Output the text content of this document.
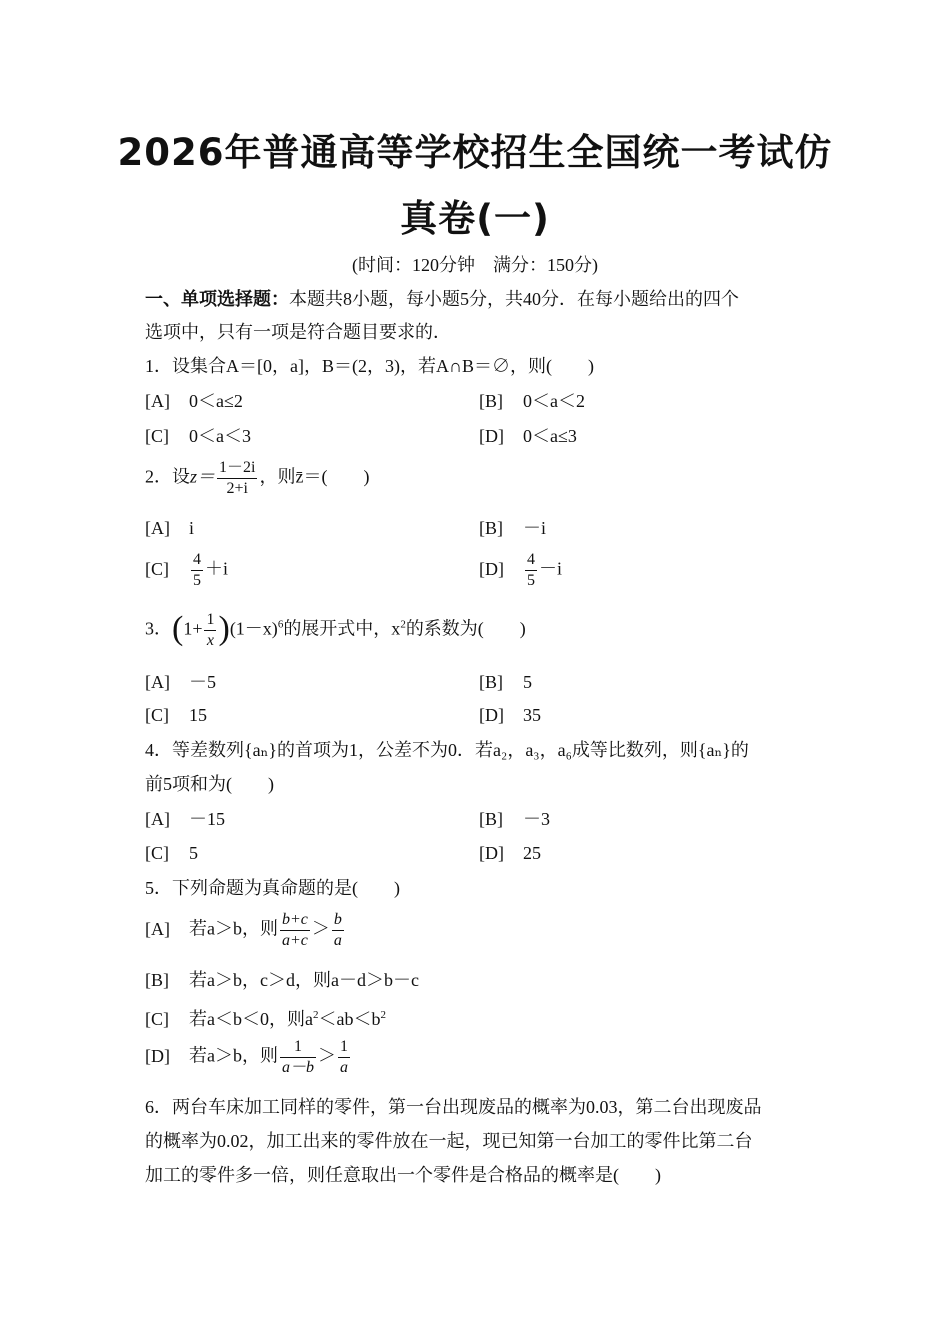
2026年普通高等学校招生全国统一考试仿
真卷(一)
(时间：120分钟　满分：150分)
一、单项选择题：本题共8小题，每小题5分，共40分．在每小题给出的四个
选项中，只有一项是符合题目要求的．
1．设集合A＝[0，a]，B＝(2，3)，若A∩B＝∅，则(　　)
[A] 0＜a≤2	[B] 0＜a＜2
[C] 0＜a＜3	[D] 0＜a≤3
2．设$z= \frac{1-2i}{2+i}$ ，则z̄＝(　　)
[A] i	[B] －i
$[C] \frac{4}{5} +i$	$[D] \frac{4}{5} -i$
3．$(1+ \frac{1}{x} )(1-x)^6$的展开式中，$x^2$的系数为(　　)
[A] －5	[B] 5
[C] 15	[D] 35
4．等差数列{aₙ}的首项为1，公差不为0．若a₂，a₃，a₆成等比数列，则{aₙ}的
前5项和为(　　)
[A] －15	[B] －3
[C] 5	[D] 25
5．下列命题为真命题的是(　　)
[A] 若a＞b，则 $\frac{b+c}{a+c} > \frac{b}{a}$
[B] 若a＞b，c＞d，则a－d＞b－c
[C] 若a＜b＜0，则$a^2<ab<b^2$
[D] 若a＞b，则 $\frac{1}{a-b} > \frac{1}{a}$
6．两台车床加工同样的零件，第一台出现废品的概率为0.03，第二台出现废品
的概率为0.02，加工出来的零件放在一起，现已知第一台加工的零件比第二台
加工的零件多一倍，则任意取出一个零件是合格品的概率是(　　)
